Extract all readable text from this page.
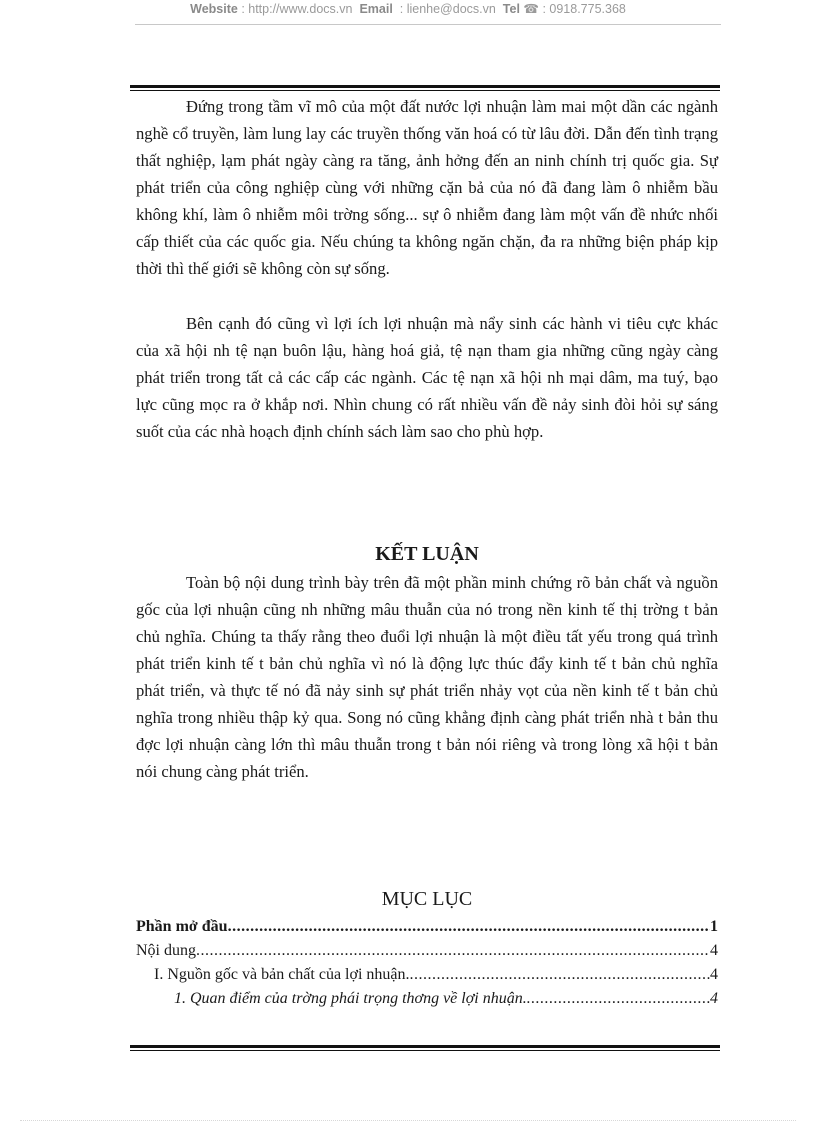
Website : http://www.docs.vn Email : lienhe@docs.vn Tel ☎ : 0918.775.368

Đứng trong tầm vĩ mô của một đất nước lợi nhuận làm mai một dần các ngành nghề cổ truyền, làm lung lay các truyền thống văn hoá có từ lâu đời. Dẫn đến tình trạng thất nghiệp, lạm phát ngày càng ra tăng, ảnh hởng đến an ninh chính trị quốc gia. Sự phát triển của công nghiệp cùng với những cặn bả của nó đã đang làm ô nhiễm bầu không khí, làm ô nhiễm môi trờng sống... sự ô nhiễm đang làm một vấn đề nhức nhối cấp thiết của các quốc gia. Nếu chúng ta không ngăn chặn, đa ra những biện pháp kịp thời thì thế giới sẽ không còn sự sống.

Bên cạnh đó cũng vì lợi ích lợi nhuận mà nẩy sinh các hành vi tiêu cực khác của xã hội nh tệ nạn buôn lậu, hàng hoá giả, tệ nạn tham gia những cũng ngày càng phát triển trong tất cả các cấp các ngành. Các tệ nạn xã hội nh mại dâm, ma tuý, bạo lực cũng mọc ra ở khắp nơi. Nhìn chung có rất nhiều vấn đề nảy sinh đòi hỏi sự sáng suốt của các nhà hoạch định chính sách làm sao cho phù hợp.

KẾT LUẬN

Toàn bộ nội dung trình bày trên đã một phần minh chứng rõ bản chất và nguồn gốc của lợi nhuận cũng nh những mâu thuẫn của nó trong nền kinh tế thị trờng t bản chủ nghĩa. Chúng ta thấy rằng theo đuổi lợi nhuận là một điều tất yếu trong quá trình phát triển kinh tế t bản chủ nghĩa vì nó là động lực thúc đẩy kinh tế t bản chủ nghĩa phát triển, và thực tế nó đã nảy sinh sự phát triển nhảy vọt của nền kinh tế t bản chủ nghĩa trong nhiều thập kỷ qua. Song nó cũng khẳng định càng phát triển nhà t bản thu đợc lợi nhuận càng lớn thì mâu thuẫn trong t bản nói riêng và trong lòng xã hội t bản nói chung càng phát triển.

MỤC LỤC
Phần mở đầu .....	1
Nội dung .....	4
I. Nguồn gốc và bản chất của lợi nhuận. .....	4
1. Quan điểm của trờng phái trọng thơng về lợi nhuận. .....	4
